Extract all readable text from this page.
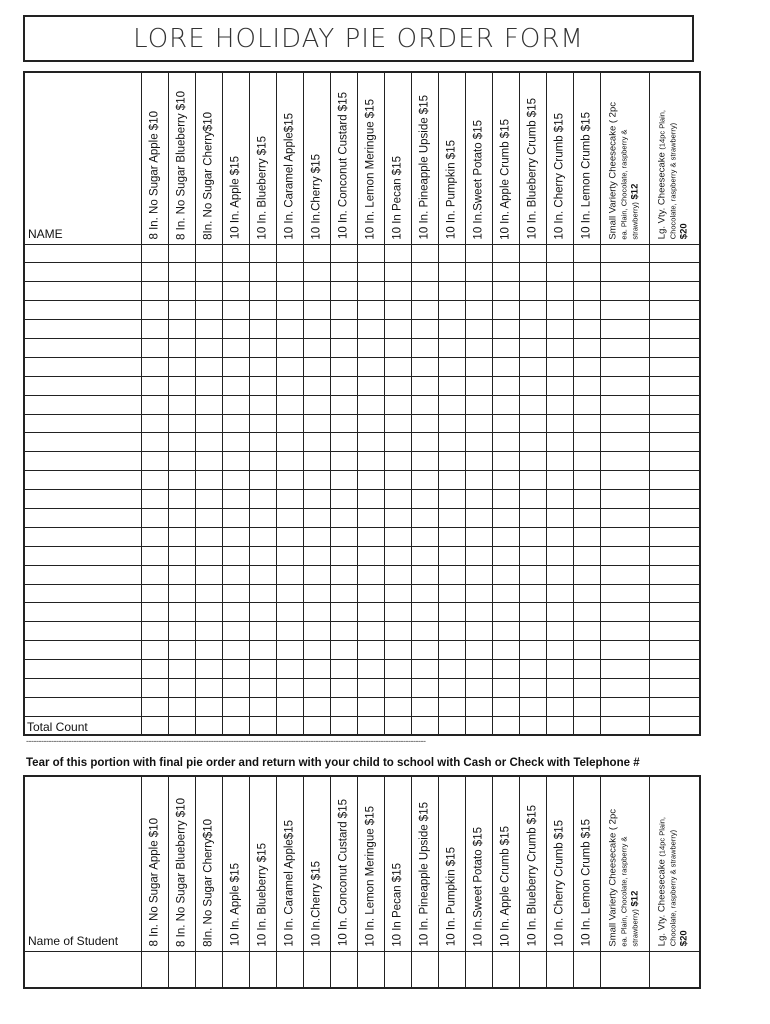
LORE HOLIDAY PIE ORDER FORM
NAME	8 In. No Sugar Apple $10	8 In. No Sugar Blueberry $10	8In. No Sugar Cherry$10	10 In. Apple $15	10 In. Blueberry $15	10 In. Caramel Apple$15	10 In.Cherry $15	10 In. Conconut Custard $15	10 In. Lemon Meringue $15	10 In Pecan $15	10 In. Pineapple Upside $15	10 In. Pumpkin $15	10 In.Sweet Potato $15	10 In. Apple Crumb $15	10 In. Blueberry Crumb $15	10 In. Cherry Crumb $15	10 In. Lemon Crumb $15	Small Varierty Cheesecake ( 2pc
ea. Plain, Chocolate, raspberry & strawberry) $12	Lg. Vty. Cheesecake (14pc Plain, Chocolate, raspberry & strawberry)
$20

Total Count																			
----------------------------------------------------------------------------------------------------------------------------------------------------------------
Tear of this portion with final pie order and return with your child to school with Cash or Check with Telephone #
Name of Student	8 In. No Sugar Apple $10	8 In. No Sugar Blueberry $10	8In. No Sugar Cherry$10	10 In. Apple $15	10 In. Blueberry $15	10 In. Caramel Apple$15	10 In.Cherry $15	10 In. Conconut Custard $15	10 In. Lemon Meringue $15	10 In Pecan $15	10 In. Pineapple Upside $15	10 In. Pumpkin $15	10 In.Sweet Potato $15	10 In. Apple Crumb $15	10 In. Blueberry Crumb $15	10 In. Cherry Crumb $15	10 In. Lemon Crumb $15	Small Varierty Cheesecake ( 2pc
ea. Plain, Chocolate, raspberry & strawberry) $12	Lg. Vty. Cheesecake (14pc Plain, Chocolate, raspberry & strawberry)
$20
